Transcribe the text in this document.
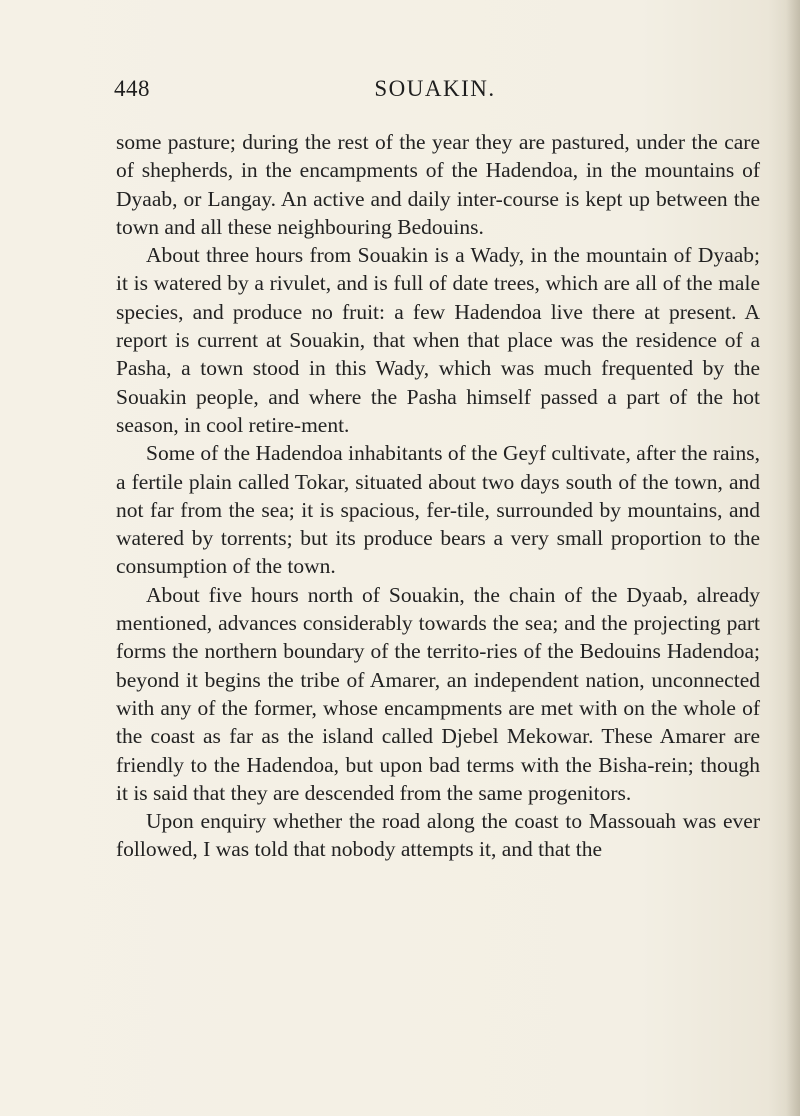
448	SOUAKIN.

some pasture; during the rest of the year they are pastured, under the care of shepherds, in the encampments of the Hadendoa, in the mountains of Dyaab, or Langay. An active and daily inter-course is kept up between the town and all these neighbouring Bedouins.

About three hours from Souakin is a Wady, in the mountain of Dyaab; it is watered by a rivulet, and is full of date trees, which are all of the male species, and produce no fruit: a few Hadendoa live there at present. A report is current at Souakin, that when that place was the residence of a Pasha, a town stood in this Wady, which was much frequented by the Souakin people, and where the Pasha himself passed a part of the hot season, in cool retire-ment.

Some of the Hadendoa inhabitants of the Geyf cultivate, after the rains, a fertile plain called Tokar, situated about two days south of the town, and not far from the sea; it is spacious, fer-tile, surrounded by mountains, and watered by torrents; but its produce bears a very small proportion to the consumption of the town.

About five hours north of Souakin, the chain of the Dyaab, already mentioned, advances considerably towards the sea; and the projecting part forms the northern boundary of the territo-ries of the Bedouins Hadendoa; beyond it begins the tribe of Amarer, an independent nation, unconnected with any of the former, whose encampments are met with on the whole of the coast as far as the island called Djebel Mekowar. These Amarer are friendly to the Hadendoa, but upon bad terms with the Bisha-rein; though it is said that they are descended from the same progenitors.

Upon enquiry whether the road along the coast to Massouah was ever followed, I was told that nobody attempts it, and that the
